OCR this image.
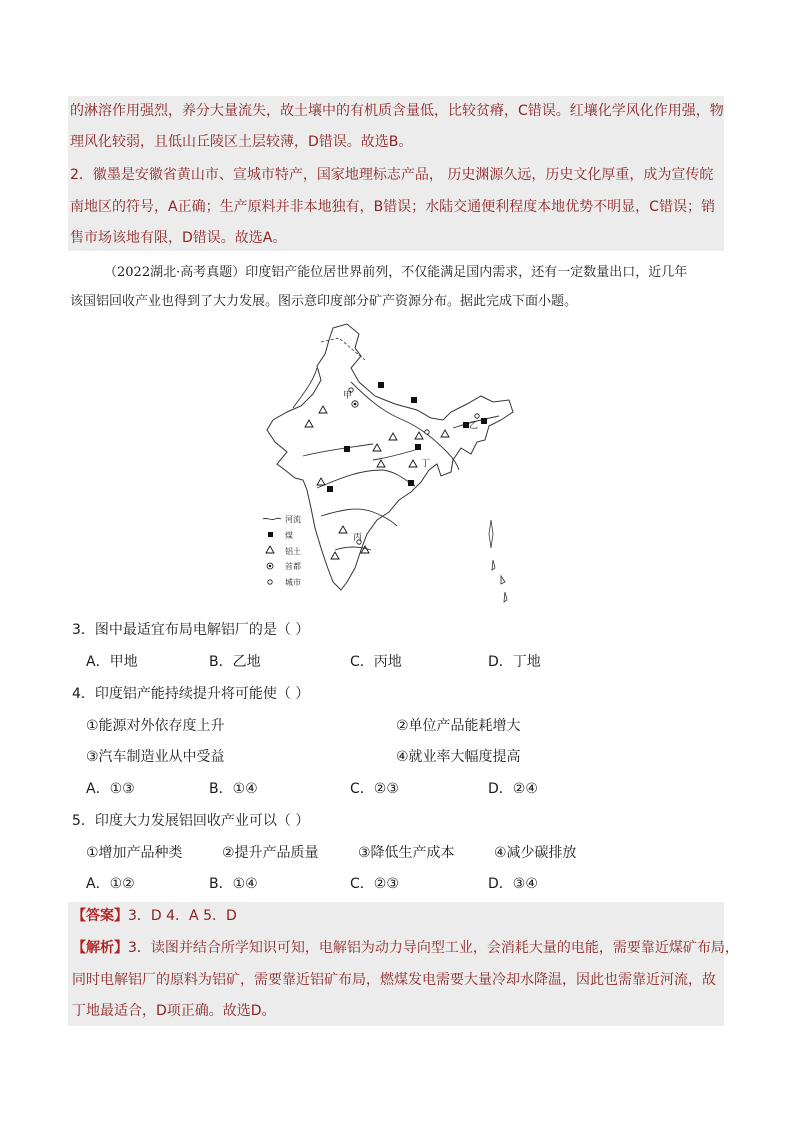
的淋溶作用强烈，养分大量流失，故土壤中的有机质含量低，比较贫瘠，C错误。红壤化学风化作用强，物
理风化较弱，且低山丘陵区土层较薄，D错误。故选B。
2．徽墨是安徽省黄山市、宣城市特产，国家地理标志产品， 历史渊源久远，历史文化厚重，成为宣传皖
南地区的符号，A正确；生产原料并非本地独有，B错误；水陆交通便利程度本地优势不明显，C错误；销
售市场该地有限，D错误。故选A。
（2022湖北·高考真题）印度铝产能位居世界前列，不仅能满足国内需求，还有一定数量出口，近几年
该国铝回收产业也得到了大力发展。图示意印度部分矿产资源分布。据此完成下面小题。
甲
乙
丁
丙
河流
煤
铝土
首都
城市
3．图中最适宜布局电解铝厂的是（ ）
A．甲地	B．乙地	C．丙地	D．丁地
4．印度铝产能持续提升将可能使（ ）
①能源对外依存度上升	②单位产品能耗增大
③汽车制造业从中受益	④就业率大幅度提高
A．①③	B．①④	C．②③	D．②④
5．印度大力发展铝回收产业可以（ ）
①增加产品种类	②提升产品质量	③降低生产成本	④减少碳排放
A．①②	B．①④	C．②③	D．③④
【答案】3．D 4．A 5．D
【解析】3．读图并结合所学知识可知，电解铝为动力导向型工业，会消耗大量的电能，需要靠近煤矿布局，
同时电解铝厂的原料为铝矿，需要靠近铝矿布局，燃煤发电需要大量冷却水降温，因此也需靠近河流，故
丁地最适合，D项正确。故选D。
